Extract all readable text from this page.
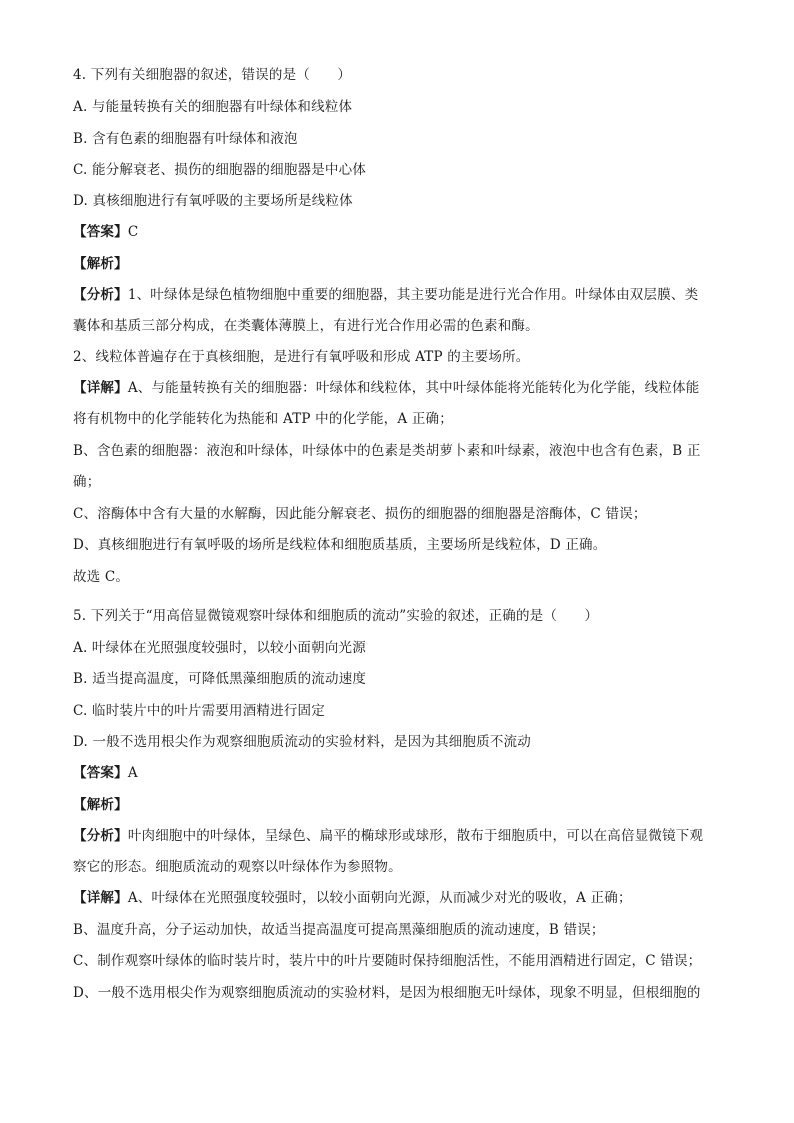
4. 下列有关细胞器的叙述，错误的是（　　）
A. 与能量转换有关的细胞器有叶绿体和线粒体
B. 含有色素的细胞器有叶绿体和液泡
C. 能分解衰老、损伤的细胞器的细胞器是中心体
D. 真核细胞进行有氧呼吸的主要场所是线粒体
【答案】C
【解析】
【分析】1、叶绿体是绿色植物细胞中重要的细胞器，其主要功能是进行光合作用。叶绿体由双层膜、类
囊体和基质三部分构成，在类囊体薄膜上，有进行光合作用必需的色素和酶。
2、线粒体普遍存在于真核细胞，是进行有氧呼吸和形成 ATP 的主要场所。
【详解】A、与能量转换有关的细胞器：叶绿体和线粒体，其中叶绿体能将光能转化为化学能，线粒体能
将有机物中的化学能转化为热能和 ATP 中的化学能，A 正确；
B、含色素的细胞器：液泡和叶绿体，叶绿体中的色素是类胡萝卜素和叶绿素，液泡中也含有色素，B 正
确；
C、溶酶体中含有大量的水解酶，因此能分解衰老、损伤的细胞器的细胞器是溶酶体，C 错误；
D、真核细胞进行有氧呼吸的场所是线粒体和细胞质基质，主要场所是线粒体，D 正确。
故选 C。
5. 下列关于“用高倍显微镜观察叶绿体和细胞质的流动”实验的叙述，正确的是（　　）
A. 叶绿体在光照强度较强时，以较小面朝向光源
B. 适当提高温度，可降低黑藻细胞质的流动速度
C. 临时装片中的叶片需要用酒精进行固定
D. 一般不选用根尖作为观察细胞质流动的实验材料，是因为其细胞质不流动
【答案】A
【解析】
【分析】叶肉细胞中的叶绿体，呈绿色、扁平的椭球形或球形，散布于细胞质中，可以在高倍显微镜下观
察它的形态。细胞质流动的观察以叶绿体作为参照物。
【详解】A、叶绿体在光照强度较强时，以较小面朝向光源，从而减少对光的吸收，A 正确；
B、温度升高，分子运动加快，故适当提高温度可提高黑藻细胞质的流动速度，B 错误；
C、制作观察叶绿体的临时装片时，装片中的叶片要随时保持细胞活性，不能用酒精进行固定，C 错误；
D、一般不选用根尖作为观察细胞质流动的实验材料，是因为根细胞无叶绿体，现象不明显，但根细胞的
